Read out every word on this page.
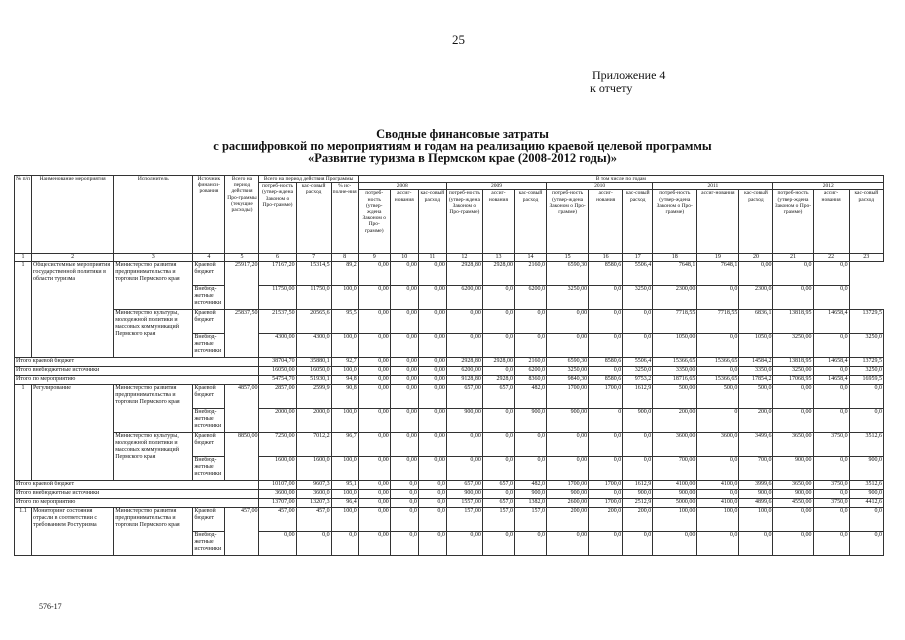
25
Приложение 4
к отчету
Сводные финансовые затраты
с расшифровкой по мероприятиям и годам на реализацию краевой целевой программы
«Развитие туризма в Пермском крае (2008-2012 годы)»
№ п/п	Наименование мероприятия	Исполнитель	Источник финанси-рования	Всего на период действия Про-граммы (текущие расходы)	Всего на период действия Программы			В том числе по годам														
					потреб-ность (утвер-ждена Законом о Про-грамме)	кас-совый расход	% ис-полне-ния	2008			2009			2010			2011			2012		
								потреб-ность (утвер-ждена Законом о Про-грамме)	ассиг-нования	кас-совый расход	потреб-ность (утвер-ждена Законом о Про-грамме)	ассиг-нования	кас-совый расход	потреб-ность (утвер-ждена Законом о Про-грамме)	ассиг-нования	кас-совый расход	потреб-ность (утвер-ждена Законом о Про-грамме)	ассиг-нования	кас-совый расход	потреб-ность (утвер-ждена Законом о Про-грамме)	ассиг-нования	кас-совый расход
1	2	3	4	5	6	7	8	9	10	11	12	13	14	15	16	17	18	19	20	21	22	23
1	Общесистемные мероприятия государственной политики в области туризма	Министерство развития предпринимательства и торговли Пермского края	Краевой бюджет	25917,20	17167,20	15314,5	89,2	0,00	0,00	0,00	2928,80	2928,00	2160,0	6590,30	8580,6	5506,4	7648,1	7648,1	0,00	0,0	0,0	
			Внебюд-жетные источники		11750,00	11750,0	100,0	0,00	0,00	0,00	6200,00	0,0	6200,0	3250,00	0,0	3250,0	2300,00	0,0	2300,0	0,00	0,0	
		Министерство культуры, молодежной политики и массовых коммуникаций Пермского края	Краевой бюджет	25837,50	21537,50	20565,6	95,5	0,00	0,00	0,00	0,00	0,0	0,0	0,00	0,0	0,0	7718,55	7718,55	6836,1	13818,95	14658,4	13729,5
			Внебюд-жетные источники		4300,00	4300,0	100,0	0,00	0,00	0,00	0,00	0,0	0,0	0,00	0,0	0,0	1050,00	0,0	1050,0	3250,00	0,0	3250,0
Итого краевой бюджет					38704,70	35880,1	92,7	0,00	0,00	0,00	2928,80	2928,00	2160,0	6590,30	8580,6	5506,4	15366,65	15366,65	14584,2	13818,95	14658,4	13729,5
Итого внебюджетные источники					16050,00	16050,0	100,0	0,00	0,00	0,00	6200,00	0,0	6200,0	3250,00	0,0	3250,0	3350,00	0,0	3350,0	3250,00	0,0	3250,0
Итого по мероприятию					54754,70	51930,1	94,8	0,00	0,00	0,00	9128,80	2928,0	8360,0	9840,30	8580,6	9753,2	18716,65	15366,65	17854,2	17068,95	14658,4	16959,5
1	Регулирование	Министерство развития предпринимательства и торговли Пермского края	Краевой бюджет	4857,00	2857,00	2599,9	90,8	0,00	0,00	0,00	657,00	657,0	482,0	1700,00	1700,0	1612,9	500,00	500,0	500,0	0,00	0,0	0,0
			Внебюд-жетные источники		2000,00	2000,0	100,0	0,00	0,00	0,00	900,00	0,0	900,0	900,00	0	900,0	200,00	0	200,0	0,00	0,0	0,0
		Министерство культуры, молодежной политики и массовых коммуникаций Пермского края	Краевой бюджет	8850,00	7250,00	7012,2	96,7	0,00	0,00	0,00	0,00	0,0	0,0	0,00	0,0	0,0	3600,00	3600,0	3499,6	3650,00	3750,0	3512,6
			Внебюд-жетные источники		1600,00	1600,0	100,0	0,00	0,00	0,00	0,00	0,0	0,0	0,00	0,0	0,0	700,00	0,0	700,0	900,00	0,0	900,0
Итого краевой бюджет					10107,00	9607,3	95,1	0,00	0,0	0,0	657,00	657,0	482,0	1700,00	1700,0	1612,9	4100,00	4100,0	3999,6	3650,00	3750,0	3512,6
Итого внебюджетные источники					3600,00	3600,0	100,0	0,00	0,0	0,0	900,00	0,0	900,0	900,00	0,0	900,0	900,00	0,0	900,0	900,00	0,0	900,0
Итого по мероприятию					13707,00	13207,3	96,4	0,00	0,0	0,0	1557,00	657,0	1382,0	2600,00	1700,0	2512,9	5000,00	4100,0	4899,6	4550,00	3750,0	4412,6
1.1	Мониторинг состояния отрасли в соответствии с требованием Ростуризма	Министерство развития предпринимательства и торговли Пермского края	Краевой бюджет	457,00	457,00	457,0	100,0	0,00	0,0	0,0	157,00	157,0	157,0	200,00	200,0	200,0	100,00	100,0	100,0	0,00	0,0	0,0
			Внебюд-жетные источники		0,00	0,0	0,0	0,00	0,0	0,0	0,00	0,0	0,0	0,00	0,0	0,0	0,00	0,0	0,0	0,00	0,0	0,0
576-17
